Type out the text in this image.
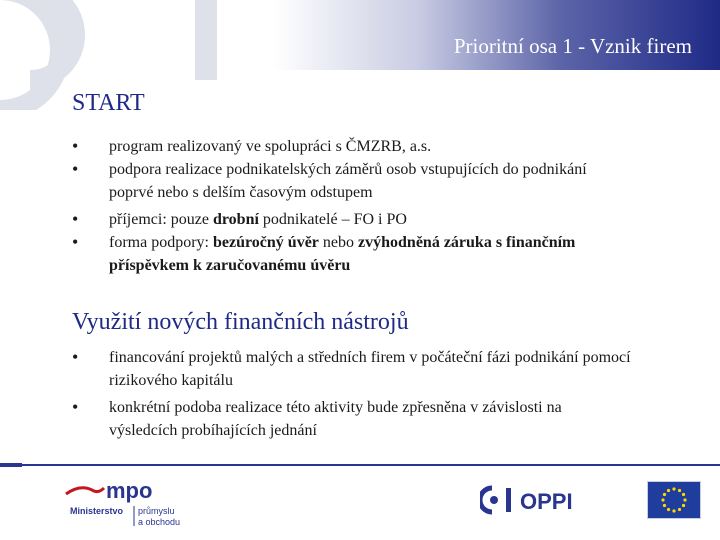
Prioritní osa 1 - Vznik firem
START
• program realizovaný ve spolupráci s ČMZRB, a.s.
• podpora realizace podnikatelských záměrů osob vstupujících do podnikání poprvé nebo s delším časovým odstupem
• příjemci: pouze drobní podnikatelé – FO i PO
• forma podpory: bezúročný úvěr nebo zvýhodněná záruka s finančním příspěvkem k zaručovanému úvěru
Využití nových finančních nástrojů
• financování projektů malých a středních firem v počáteční fázi podnikání pomocí rizikového kapitálu
• konkrétní podoba realizace této aktivity bude zpřesněna v závislosti na výsledcích probíhajících jednání
mpo
Ministerstvo průmyslu
a obchodu
OPPI
